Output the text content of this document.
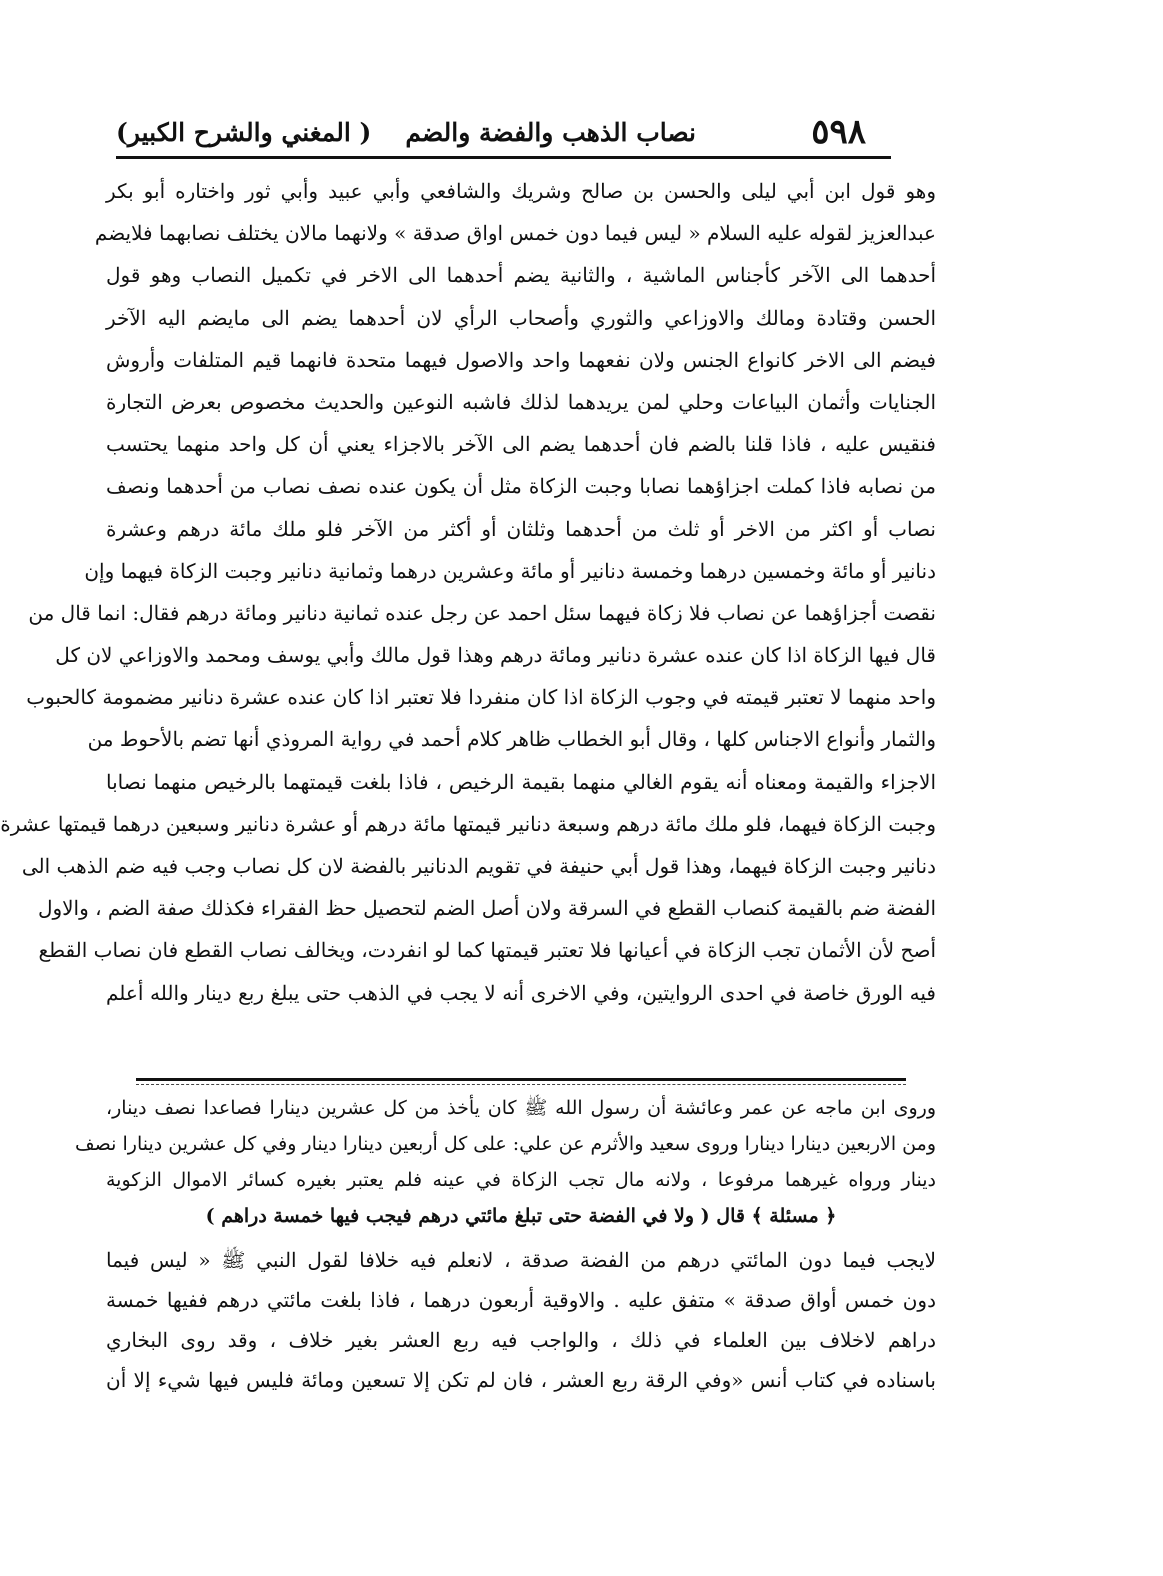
٥٩٨
نصاب الذهب والفضة والضم
( المغني والشرح الكبير)
وهو قول ابن أبي ليلى والحسن بن صالح وشريك والشافعي وأبي عبيد وأبي ثور واختاره أبو بكر
عبدالعزيز لقوله عليه السلام « ليس فيما دون خمس اواق صدقة » ولانهما مالان يختلف نصابهما فلايضم
أحدهما الى الآخر كأجناس الماشية ، والثانية يضم أحدهما الى الاخر في تكميل النصاب وهو قول
الحسن وقتادة ومالك والاوزاعي والثوري وأصحاب الرأي لان أحدهما يضم الى مايضم اليه الآخر
فيضم الى الاخر كانواع الجنس ولان نفعهما واحد والاصول فيهما متحدة فانهما قيم المتلفات وأروش
الجنايات وأثمان البياعات وحلي لمن يريدهما لذلك فاشبه النوعين والحديث مخصوص بعرض التجارة
فنقيس عليه ، فاذا قلنا بالضم فان أحدهما يضم الى الآخر بالاجزاء يعني أن كل واحد منهما يحتسب
من نصابه فاذا كملت اجزاؤهما نصابا وجبت الزكاة مثل أن يكون عنده نصف نصاب من أحدهما ونصف
نصاب أو اكثر من الاخر أو ثلث من أحدهما وثلثان أو أكثر من الآخر فلو ملك مائة درهم وعشرة
دنانير أو مائة وخمسين درهما وخمسة دنانير أو مائة وعشرين درهما وثمانية دنانير وجبت الزكاة فيهما وإن
نقصت أجزاؤهما عن نصاب فلا زكاة فيهما سئل احمد عن رجل عنده ثمانية دنانير ومائة درهم فقال: انما قال من
قال فيها الزكاة اذا كان عنده عشرة دنانير ومائة درهم وهذا قول مالك وأبي يوسف ومحمد والاوزاعي لان كل
واحد منهما لا تعتبر قيمته في وجوب الزكاة اذا كان منفردا فلا تعتبر اذا كان عنده عشرة دنانير مضمومة كالحبوب
والثمار وأنواع الاجناس كلها ، وقال أبو الخطاب ظاهر كلام أحمد في رواية المروذي أنها تضم بالأحوط من
الاجزاء والقيمة ومعناه أنه يقوم الغالي منهما بقيمة الرخيص ، فاذا بلغت قيمتهما بالرخيص منهما نصابا
وجبت الزكاة فيهما، فلو ملك مائة درهم وسبعة دنانير قيمتها مائة درهم أو عشرة دنانير وسبعين درهما قيمتها عشرة
دنانير وجبت الزكاة فيهما، وهذا قول أبي حنيفة في تقويم الدنانير بالفضة لان كل نصاب وجب فيه ضم الذهب الى
الفضة ضم بالقيمة كنصاب القطع في السرقة ولان أصل الضم لتحصيل حظ الفقراء فكذلك صفة الضم ، والاول
أصح لأن الأثمان تجب الزكاة في أعيانها فلا تعتبر قيمتها كما لو انفردت، ويخالف نصاب القطع فان نصاب القطع
فيه الورق خاصة في احدى الروايتين، وفي الاخرى أنه لا يجب في الذهب حتى يبلغ ربع دينار والله أعلم
وروى ابن ماجه عن عمر وعائشة أن رسول الله ﷺ كان يأخذ من كل عشرين دينارا فصاعدا نصف دينار،
ومن الاربعين دينارا دينارا وروى سعيد والأثرم عن علي: على كل أربعين دينارا دينار وفي كل عشرين دينارا نصف
دينار ورواه غيرهما مرفوعا ، ولانه مال تجب الزكاة في عينه فلم يعتبر بغيره كسائر الاموال الزكوية
﴿ مسئلة ﴾ قال ( ولا في الفضة حتى تبلغ مائتي درهم فيجب فيها خمسة دراهم )
لايجب فيما دون المائتي درهم من الفضة صدقة ، لانعلم فيه خلافا لقول النبي ﷺ « ليس فيما
دون خمس أواق صدقة » متفق عليه . والاوقية أربعون درهما ، فاذا بلغت مائتي درهم ففيها خمسة
دراهم لاخلاف بين العلماء في ذلك ، والواجب فيه ربع العشر بغير خلاف ، وقد روى البخاري
باسناده في كتاب أنس «وفي الرقة ربع العشر ، فان لم تكن إلا تسعين ومائة فليس فيها شيء إلا أن
